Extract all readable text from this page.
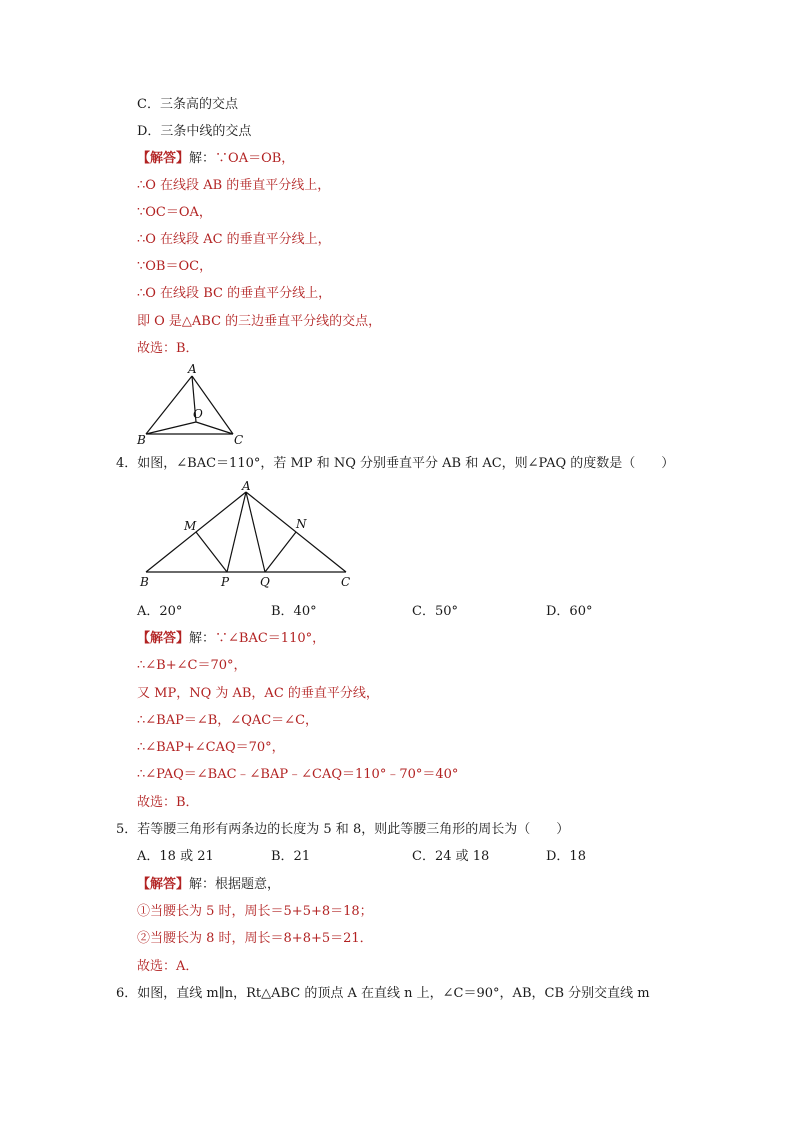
C．三条高的交点
D．三条中线的交点
【解答】解：∵OA＝OB，
∴O 在线段 AB 的垂直平分线上，
∵OC＝OA，
∴O 在线段 AC 的垂直平分线上，
∵OB＝OC，
∴O 在线段 BC 的垂直平分线上，
即 O 是△ABC 的三边垂直平分线的交点，
故选：B．
A
O
B	C
4．如图，∠BAC＝110°，若 MP 和 NQ 分别垂直平分 AB 和 AC，则∠PAQ 的度数是（　　）
A
M	N
B	P	Q	C
A．20°	B．40°	C．50°	D．60°
【解答】解：∵∠BAC＝110°，
∴∠B+∠C＝70°，
又 MP，NQ 为 AB，AC 的垂直平分线，
∴∠BAP＝∠B，∠QAC＝∠C，
∴∠BAP+∠CAQ＝70°，
∴∠PAQ＝∠BAC﹣∠BAP﹣∠CAQ＝110°﹣70°＝40°
故选：B．
5．若等腰三角形有两条边的长度为 5 和 8，则此等腰三角形的周长为（　　）
A．18 或 21	B．21	C．24 或 18	D．18
【解答】解：根据题意，
①当腰长为 5 时，周长＝5+5+8＝18；
②当腰长为 8 时，周长＝8+8+5＝21．
故选：A．
6．如图，直线 m∥n，Rt△ABC 的顶点 A 在直线 n 上，∠C＝90°，AB，CB 分别交直线 m
